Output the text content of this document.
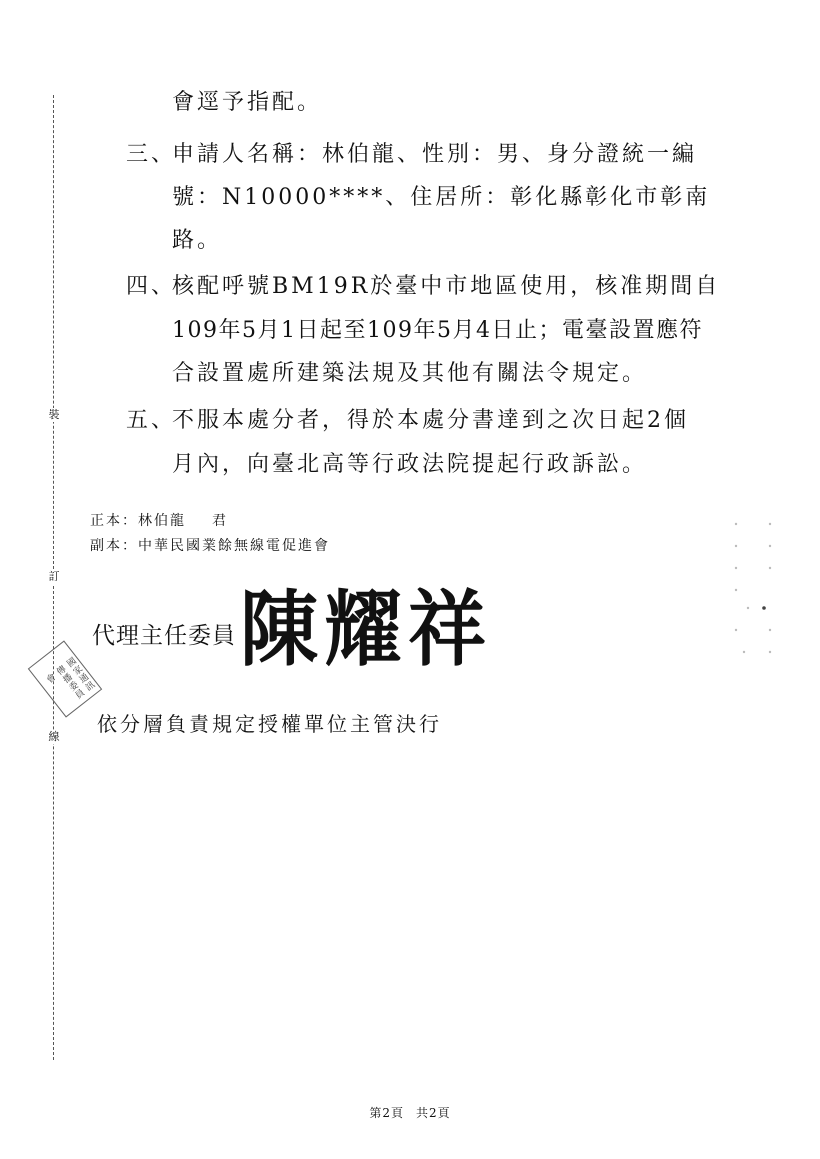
裝
訂
線
會逕予指配。
三、
申請人名稱：林伯龍、性別：男、身分證統一編
號：N10000****、住居所：彰化縣彰化市彰南
路。
四、
核配呼號BM19R於臺中市地區使用，核准期間自
109年5月1日起至109年5月4日止；電臺設置應符
合設置處所建築法規及其他有關法令規定。
五、
不服本處分者，得於本處分書達到之次日起2個
月內，向臺北高等行政法院提起行政訴訟。
正本：林伯龍 君
副本：中華民國業餘無線電促進會
代理主任委員 陳耀祥
國家通訊傳播委員會
依分層負責規定授權單位主管決行
第2頁 共2頁
